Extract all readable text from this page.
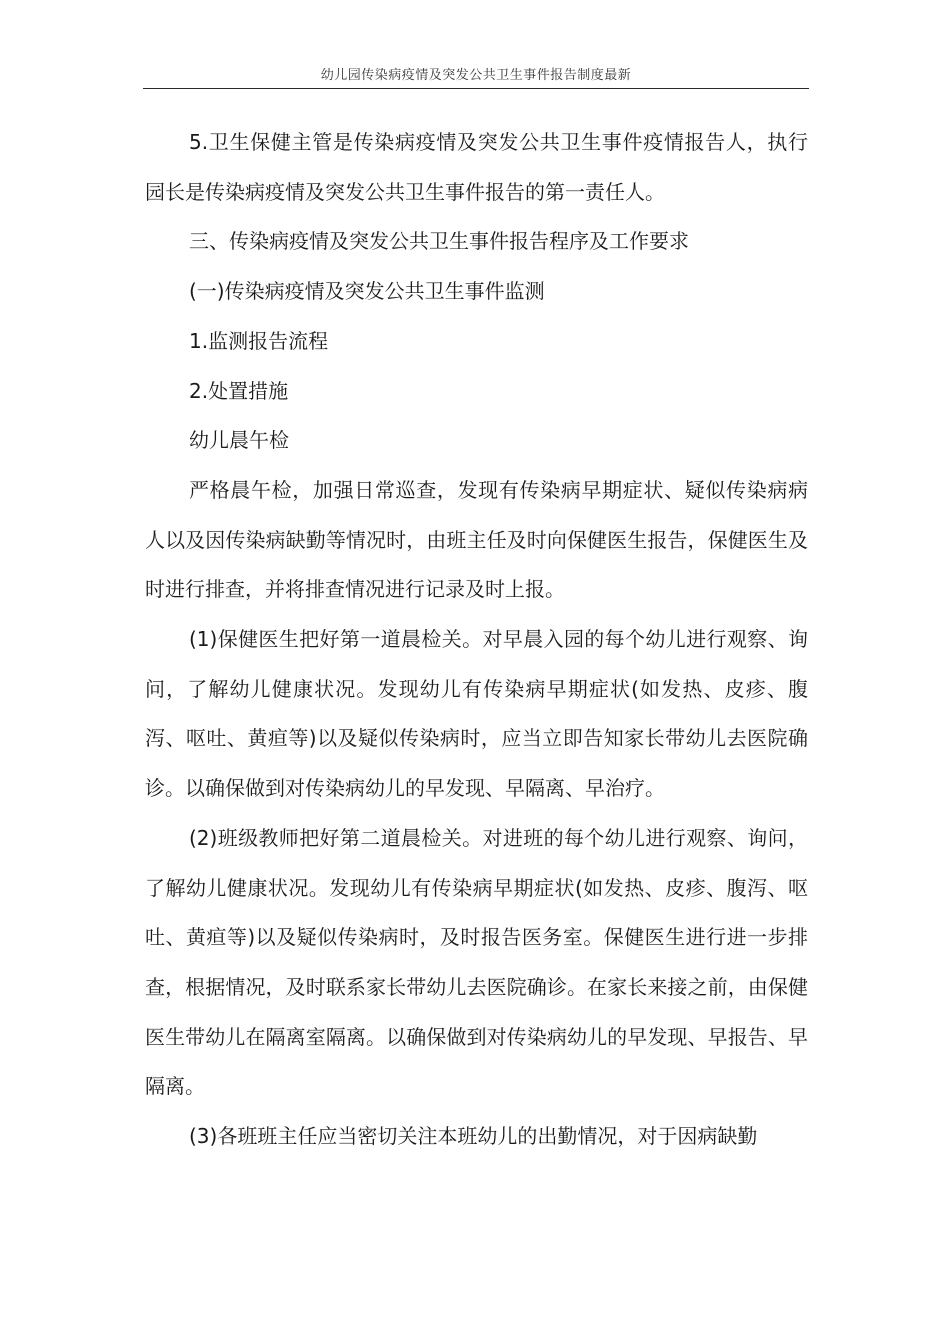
幼儿园传染病疫情及突发公共卫生事件报告制度最新

5.卫生保健主管是传染病疫情及突发公共卫生事件疫情报告人，执行园长是传染病疫情及突发公共卫生事件报告的第一责任人。

三、传染病疫情及突发公共卫生事件报告程序及工作要求

(一)传染病疫情及突发公共卫生事件监测

1.监测报告流程

2.处置措施

幼儿晨午检

严格晨午检，加强日常巡查，发现有传染病早期症状、疑似传染病病人以及因传染病缺勤等情况时，由班主任及时向保健医生报告，保健医生及时进行排查，并将排查情况进行记录及时上报。

(1)保健医生把好第一道晨检关。对早晨入园的每个幼儿进行观察、询问，了解幼儿健康状况。发现幼儿有传染病早期症状(如发热、皮疹、腹泻、呕吐、黄疸等)以及疑似传染病时，应当立即告知家长带幼儿去医院确诊。以确保做到对传染病幼儿的早发现、早隔离、早治疗。

(2)班级教师把好第二道晨检关。对进班的每个幼儿进行观察、询问，了解幼儿健康状况。发现幼儿有传染病早期症状(如发热、皮疹、腹泻、呕吐、黄疸等)以及疑似传染病时，及时报告医务室。保健医生进行进一步排查，根据情况，及时联系家长带幼儿去医院确诊。在家长来接之前，由保健医生带幼儿在隔离室隔离。以确保做到对传染病幼儿的早发现、早报告、早隔离。

(3)各班班主任应当密切关注本班幼儿的出勤情况，对于因病缺勤
